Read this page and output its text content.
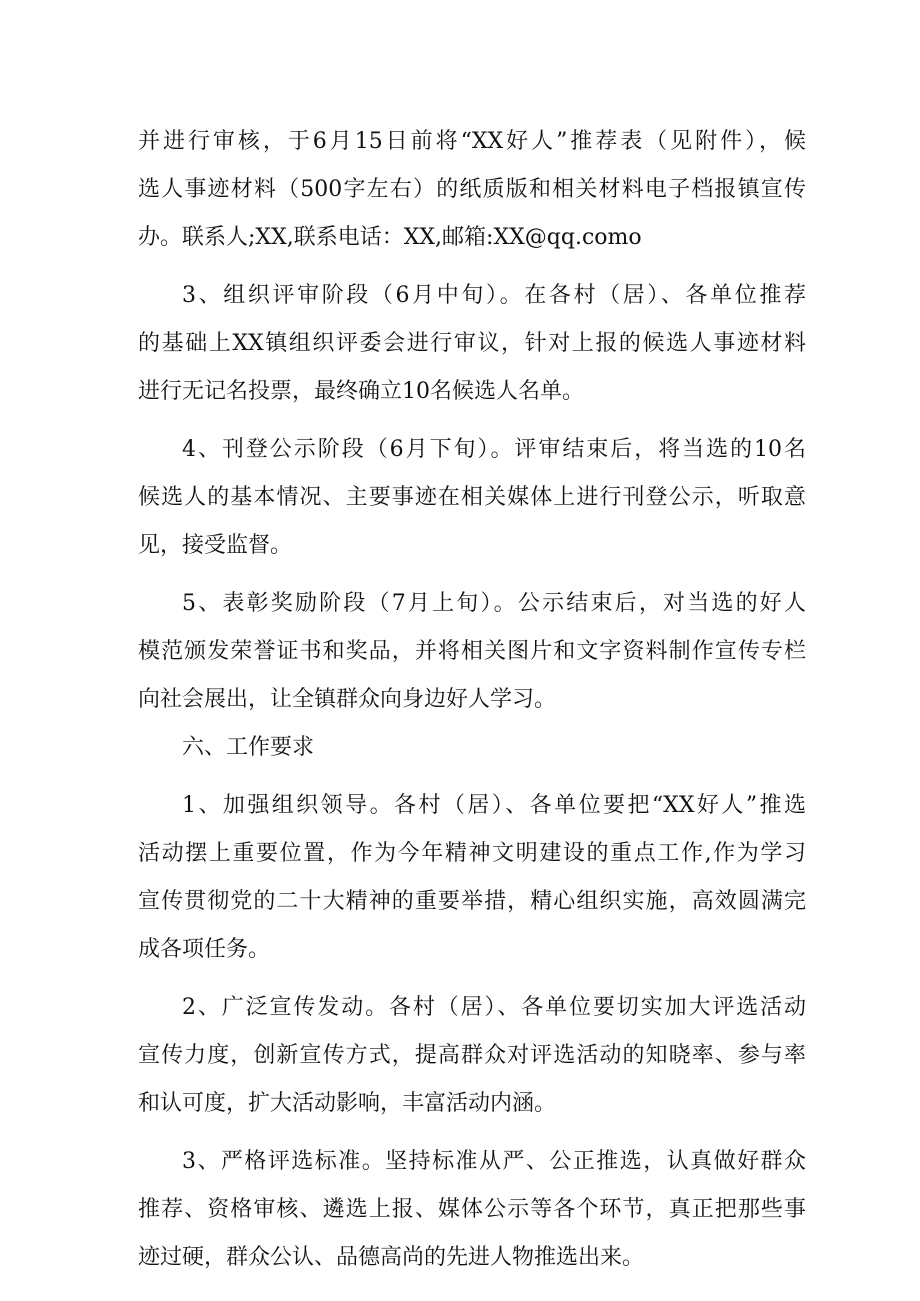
并进行审核，于6月15日前将“XX好人”推荐表（见附件），候
选人事迹材料（500字左右）的纸质版和相关材料电子档报镇宣传
办。联系人;XX,联系电话：XX,邮箱:XX@qq.como
3、组织评审阶段（6月中旬）。在各村（居）、各单位推荐
的基础上XX镇组织评委会进行审议，针对上报的候选人事迹材料
进行无记名投票，最终确立10名候选人名单。
4、刊登公示阶段（6月下旬）。评审结束后，将当选的10名
候选人的基本情况、主要事迹在相关媒体上进行刊登公示，听取意
见，接受监督。
5、表彰奖励阶段（7月上旬）。公示结束后，对当选的好人
模范颁发荣誉证书和奖品，并将相关图片和文字资料制作宣传专栏
向社会展出，让全镇群众向身边好人学习。
六、工作要求
1、加强组织领导。各村（居）、各单位要把“XX好人”推选
活动摆上重要位置，作为今年精神文明建设的重点工作,作为学习
宣传贯彻党的二十大精神的重要举措，精心组织实施，高效圆满完
成各项任务。
2、广泛宣传发动。各村（居）、各单位要切实加大评选活动
宣传力度，创新宣传方式，提高群众对评选活动的知晓率、参与率
和认可度，扩大活动影响，丰富活动内涵。
3、严格评选标准。坚持标准从严、公正推选，认真做好群众
推荐、资格审核、遴选上报、媒体公示等各个环节，真正把那些事
迹过硬，群众公认、品德高尚的先进人物推选出来。
